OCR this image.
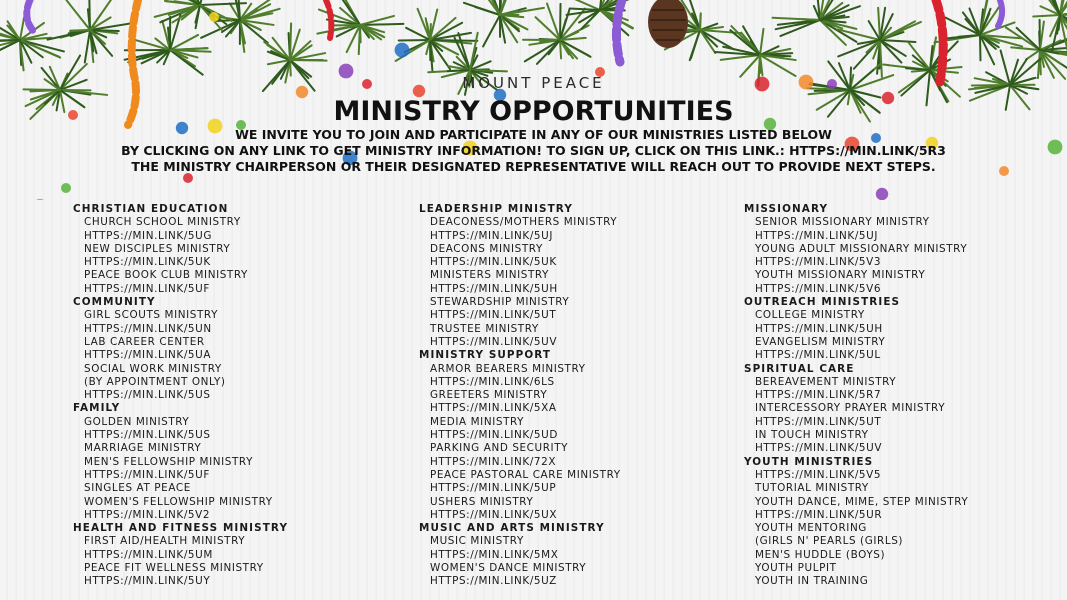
MOUNT PEACE
MINISTRY OPPORTUNITIES
WE INVITE YOU TO JOIN AND PARTICIPATE IN ANY OF OUR MINISTRIES LISTED BELOW
BY CLICKING ON ANY LINK TO GET MINISTRY INFORMATION! TO SIGN UP, CLICK ON THIS LINK.: HTTPS://MIN.LINK/5R3
THE MINISTRY CHAIRPERSON OR THEIR DESIGNATED REPRESENTATIVE WILL REACH OUT TO PROVIDE NEXT STEPS.
CHRISTIAN EDUCATION
CHURCH SCHOOL MINISTRY
HTTPS://MIN.LINK/5UG
NEW DISCIPLES MINISTRY
HTTPS://MIN.LINK/5UK
PEACE BOOK CLUB MINISTRY
HTTPS://MIN.LINK/5UF
COMMUNITY
GIRL SCOUTS MINISTRY
HTTPS://MIN.LINK/5UN
LAB CAREER CENTER
HTTPS://MIN.LINK/5UA
SOCIAL WORK MINISTRY
(BY APPOINTMENT ONLY)
HTTPS://MIN.LINK/5US
FAMILY
GOLDEN MINISTRY
HTTPS://MIN.LINK/5US
MARRIAGE MINISTRY
MEN'S FELLOWSHIP MINISTRY
HTTPS://MIN.LINK/5UF
SINGLES AT PEACE
WOMEN'S FELLOWSHIP MINISTRY
HTTPS://MIN.LINK/5V2
HEALTH AND FITNESS MINISTRY
FIRST AID/HEALTH MINISTRY
HTTPS://MIN.LINK/5UM
PEACE FIT WELLNESS MINISTRY
HTTPS://MIN.LINK/5UY
LEADERSHIP MINISTRY
DEACONESS/MOTHERS MINISTRY
HTTPS://MIN.LINK/5UJ
DEACONS MINISTRY
HTTPS://MIN.LINK/5UK
MINISTERS MINISTRY
HTTPS://MIN.LINK/5UH
STEWARDSHIP MINISTRY
HTTPS://MIN.LINK/5UT
TRUSTEE MINISTRY
HTTPS://MIN.LINK/5UV
MINISTRY SUPPORT
ARMOR BEARERS MINISTRY
HTTPS://MIN.LINK/6LS
GREETERS MINISTRY
HTTPS://MIN.LINK/5XA
MEDIA MINISTRY
HTTPS://MIN.LINK/5UD
PARKING AND SECURITY
HTTPS://MIN.LINK/72X
PEACE PASTORAL CARE MINISTRY
HTTPS://MIN.LINK/5UP
USHERS MINISTRY
HTTPS://MIN.LINK/5UX
MUSIC AND ARTS MINISTRY
MUSIC MINISTRY
HTTPS://MIN.LINK/5MX
WOMEN'S DANCE MINISTRY
HTTPS://MIN.LINK/5UZ
MISSIONARY
SENIOR MISSIONARY MINISTRY
HTTPS://MIN.LINK/5UJ
YOUNG ADULT MISSIONARY MINISTRY
HTTPS://MIN.LINK/5V3
YOUTH MISSIONARY MINISTRY
HTTPS://MIN.LINK/5V6
OUTREACH MINISTRIES
COLLEGE MINISTRY
HTTPS://MIN.LINK/5UH
EVANGELISM MINISTRY
HTTPS://MIN.LINK/5UL
SPIRITUAL CARE
BEREAVEMENT MINISTRY
HTTPS://MIN.LINK/5R7
INTERCESSORY PRAYER MINISTRY
HTTPS://MIN.LINK/5UT
IN TOUCH MINISTRY
HTTPS://MIN.LINK/5UV
YOUTH MINISTRIES
HTTPS://MIN.LINK/5V5
TUTORIAL MINISTRY
YOUTH DANCE, MIME, STEP MINISTRY
HTTPS://MIN.LINK/5UR
YOUTH MENTORING
(GIRLS N' PEARLS (GIRLS)
MEN'S HUDDLE (BOYS)
YOUTH PULPIT
YOUTH IN TRAINING
